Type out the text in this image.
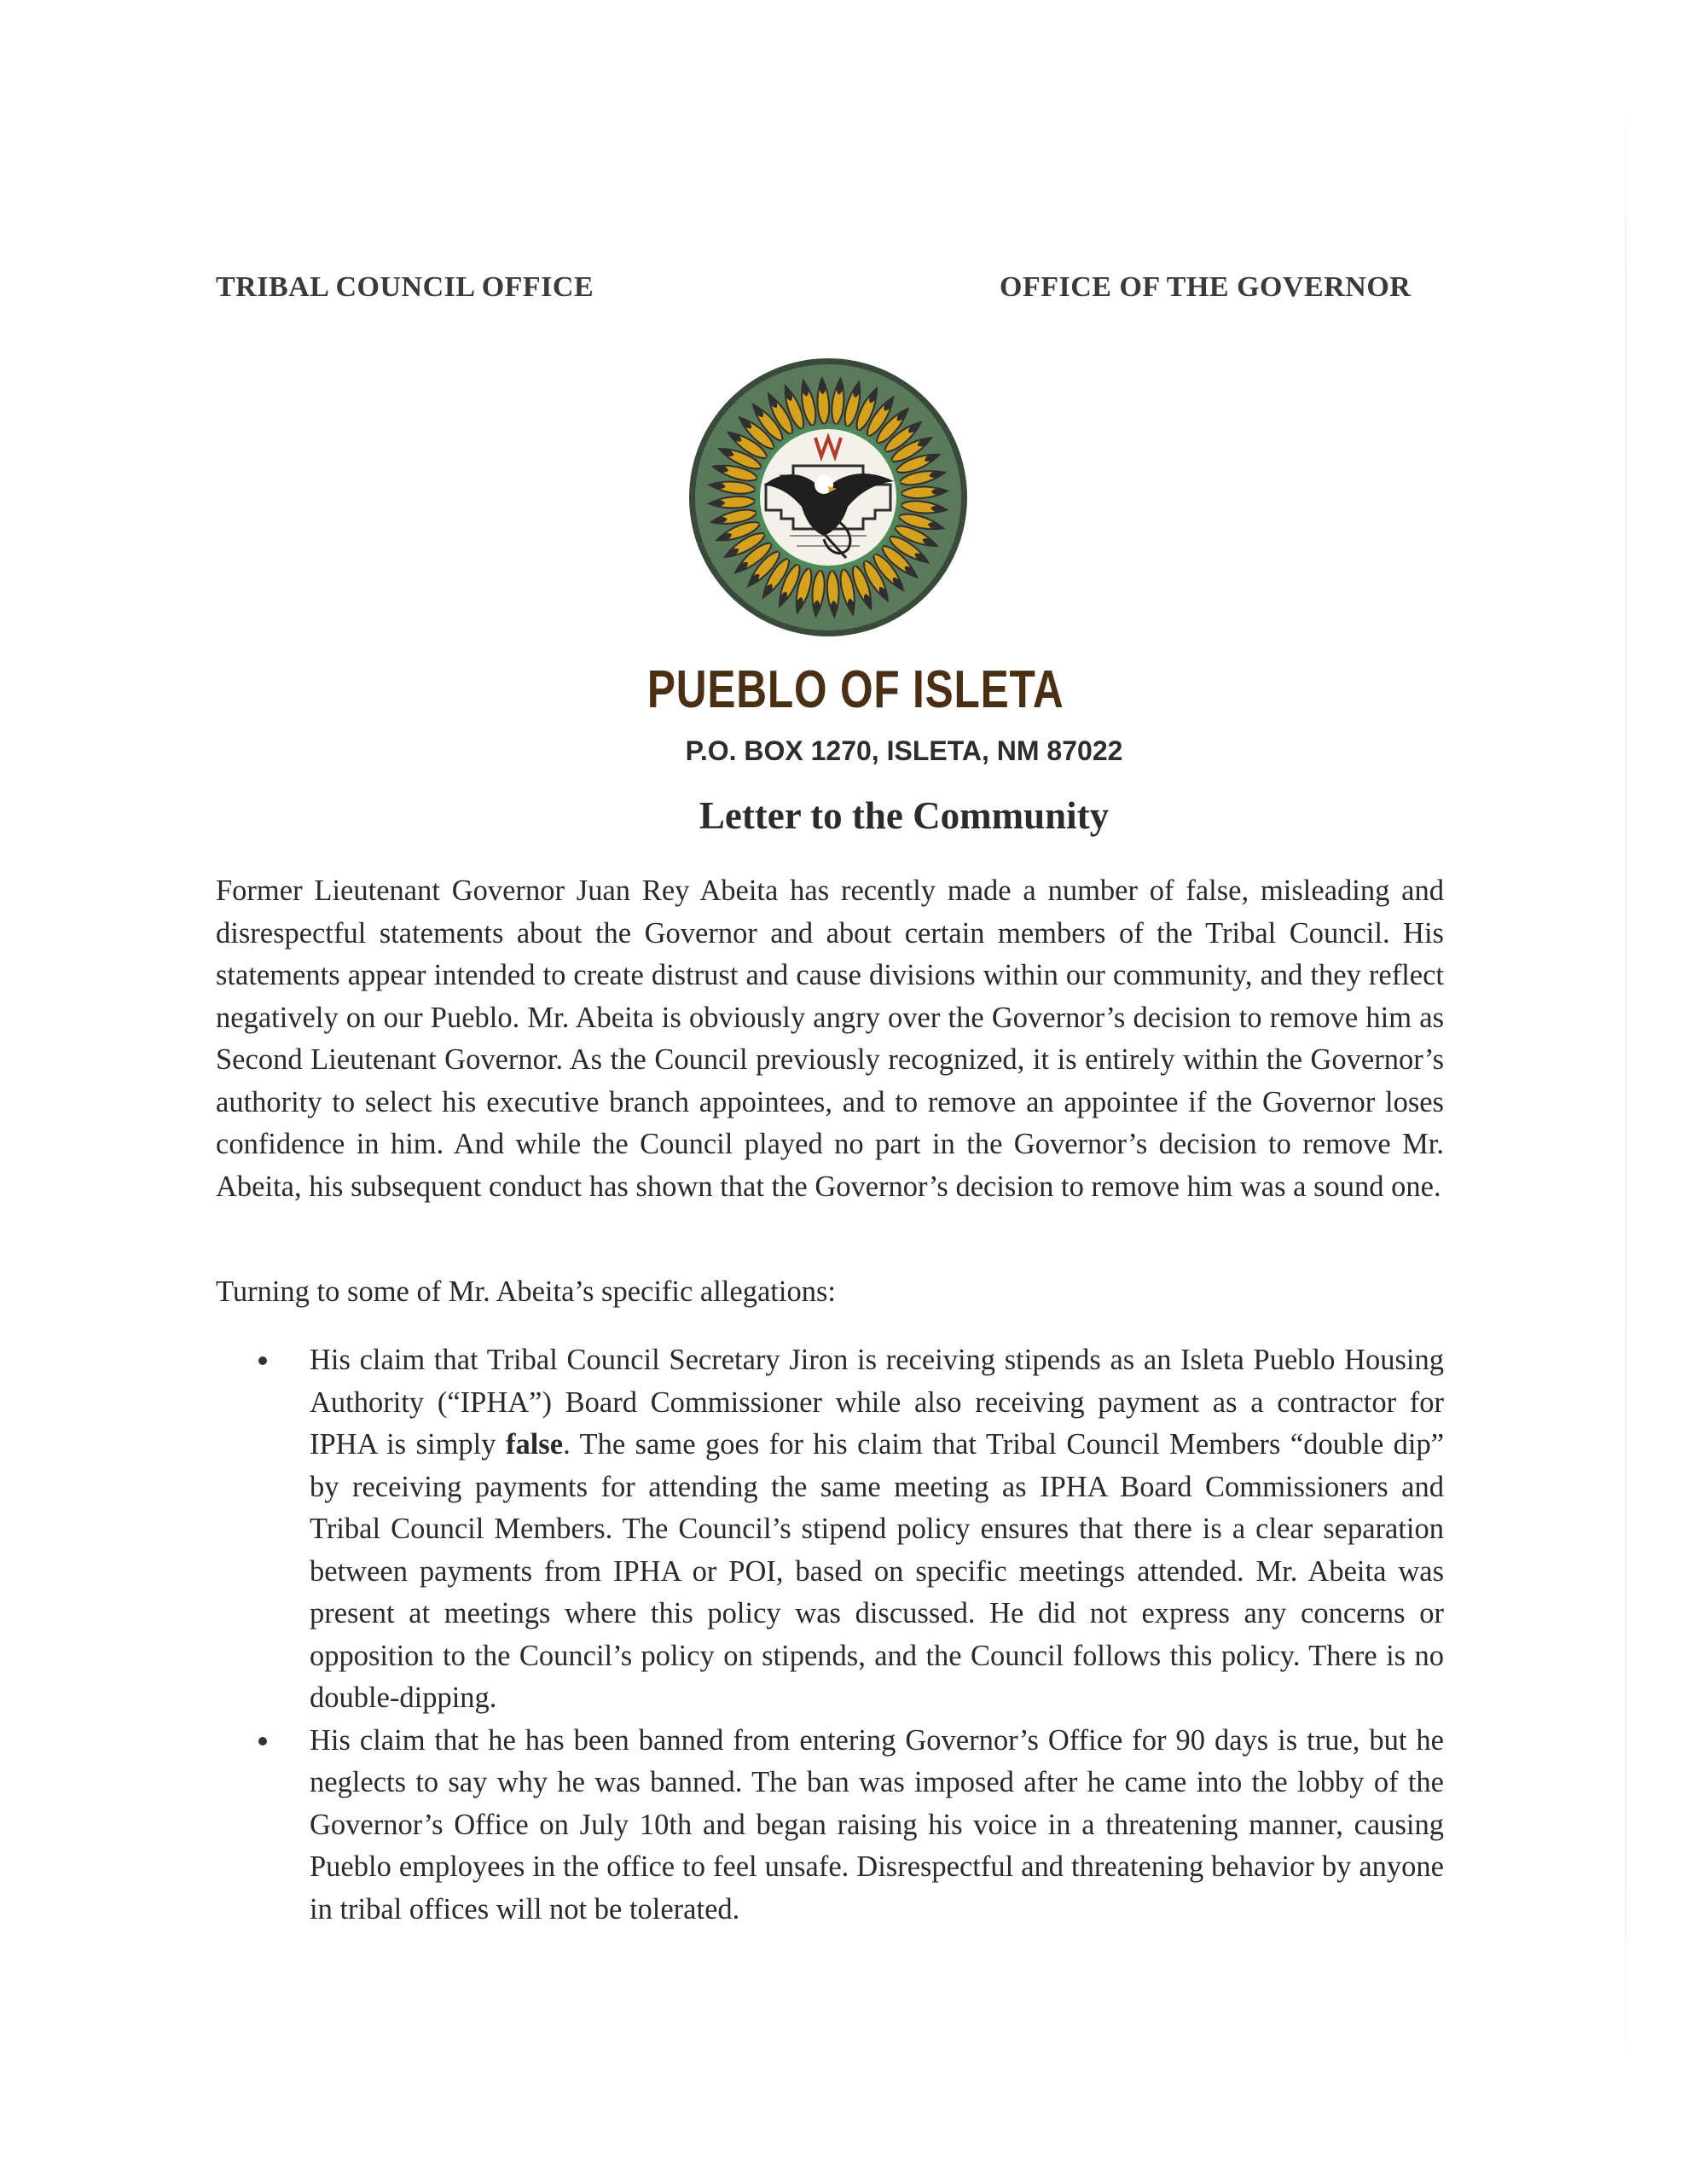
TRIBAL COUNCIL OFFICE	OFFICE OF THE GOVERNOR
PUEBLO OF ISLETA
P.O. BOX 1270, ISLETA, NM 87022
Letter to the Community
Former Lieutenant Governor Juan Rey Abeita has recently made a number of false, misleading and disrespectful statements about the Governor and about certain members of the Tribal Council. His statements appear intended to create distrust and cause divisions within our community, and they reflect negatively on our Pueblo. Mr. Abeita is obviously angry over the Governor’s decision to remove him as Second Lieutenant Governor. As the Council previously recognized, it is entirely within the Governor’s authority to select his executive branch appointees, and to remove an appointee if the Governor loses confidence in him. And while the Council played no part in the Governor’s decision to remove Mr. Abeita, his subsequent conduct has shown that the Governor’s decision to remove him was a sound one.
Turning to some of Mr. Abeita’s specific allegations:
His claim that Tribal Council Secretary Jiron is receiving stipends as an Isleta Pueblo Housing Authority (“IPHA”) Board Commissioner while also receiving payment as a contractor for IPHA is simply false. The same goes for his claim that Tribal Council Members “double dip” by receiving payments for attending the same meeting as IPHA Board Commissioners and Tribal Council Members. The Council’s stipend policy ensures that there is a clear separation between payments from IPHA or POI, based on specific meetings attended. Mr. Abeita was present at meetings where this policy was discussed. He did not express any concerns or opposition to the Council’s policy on stipends, and the Council follows this policy. There is no double-dipping.
His claim that he has been banned from entering Governor’s Office for 90 days is true, but he neglects to say why he was banned. The ban was imposed after he came into the lobby of the Governor’s Office on July 10th and began raising his voice in a threatening manner, causing Pueblo employees in the office to feel unsafe. Disrespectful and threatening behavior by anyone in tribal offices will not be tolerated.
